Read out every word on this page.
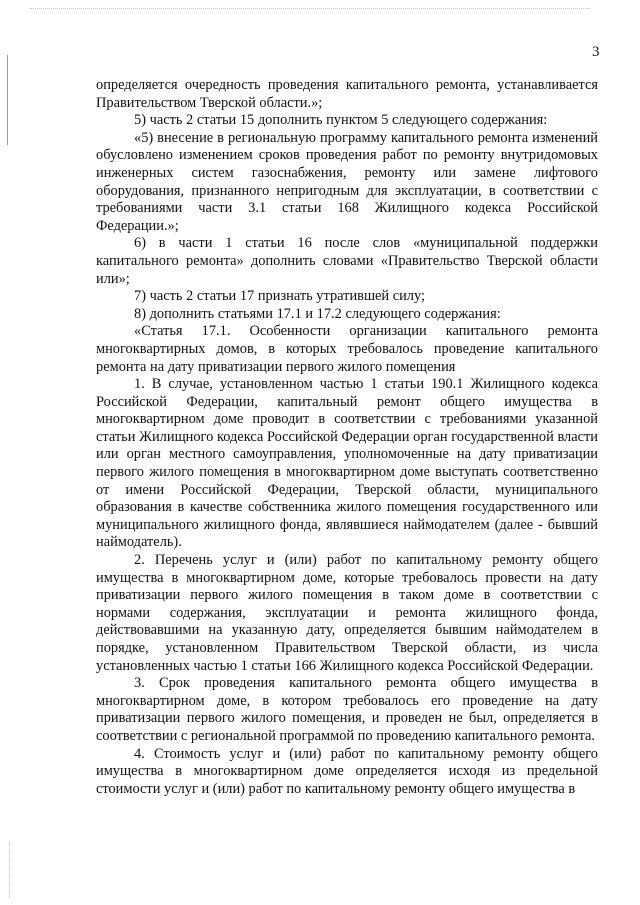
3

определяется очередность проведения капитального ремонта, устанавливается Правительством Тверской области.»;

5) часть 2 статьи 15 дополнить пунктом 5 следующего содержания:

«5) внесение в региональную программу капитального ремонта изменений обусловлено изменением сроков проведения работ по ремонту внутридомовых инженерных систем газоснабжения, ремонту или замене лифтового оборудования, признанного непригодным для эксплуатации, в соответствии с требованиями части 3.1 статьи 168 Жилищного кодекса Российской Федерации.»;

6) в части 1 статьи 16 после слов «муниципальной поддержки капитального ремонта» дополнить словами «Правительство Тверской области или»;

7) часть 2 статьи 17 признать утратившей силу;

8) дополнить статьями 17.1 и 17.2 следующего содержания:

«Статья 17.1. Особенности организации капитального ремонта многоквартирных домов, в которых требовалось проведение капитального ремонта на дату приватизации первого жилого помещения

1. В случае, установленном частью 1 статьи 190.1 Жилищного кодекса Российской Федерации, капитальный ремонт общего имущества в многоквартирном доме проводит в соответствии с требованиями указанной статьи Жилищного кодекса Российской Федерации орган государственной власти или орган местного самоуправления, уполномоченные на дату приватизации первого жилого помещения в многоквартирном доме выступать соответственно от имени Российской Федерации, Тверской области, муниципального образования в качестве собственника жилого помещения государственного или муниципального жилищного фонда, являвшиеся наймодателем (далее - бывший наймодатель).

2. Перечень услуг и (или) работ по капитальному ремонту общего имущества в многоквартирном доме, которые требовалось провести на дату приватизации первого жилого помещения в таком доме в соответствии с нормами содержания, эксплуатации и ремонта жилищного фонда, действовавшими на указанную дату, определяется бывшим наймодателем в порядке, установленном Правительством Тверской области, из числа установленных частью 1 статьи 166 Жилищного кодекса Российской Федерации.

3. Срок проведения капитального ремонта общего имущества в многоквартирном доме, в котором требовалось его проведение на дату приватизации первого жилого помещения, и проведен не был, определяется в соответствии с региональной программой по проведению капитального ремонта.

4. Стоимость услуг и (или) работ по капитальному ремонту общего имущества в многоквартирном доме определяется исходя из предельной стоимости услуг и (или) работ по капитальному ремонту общего имущества в
